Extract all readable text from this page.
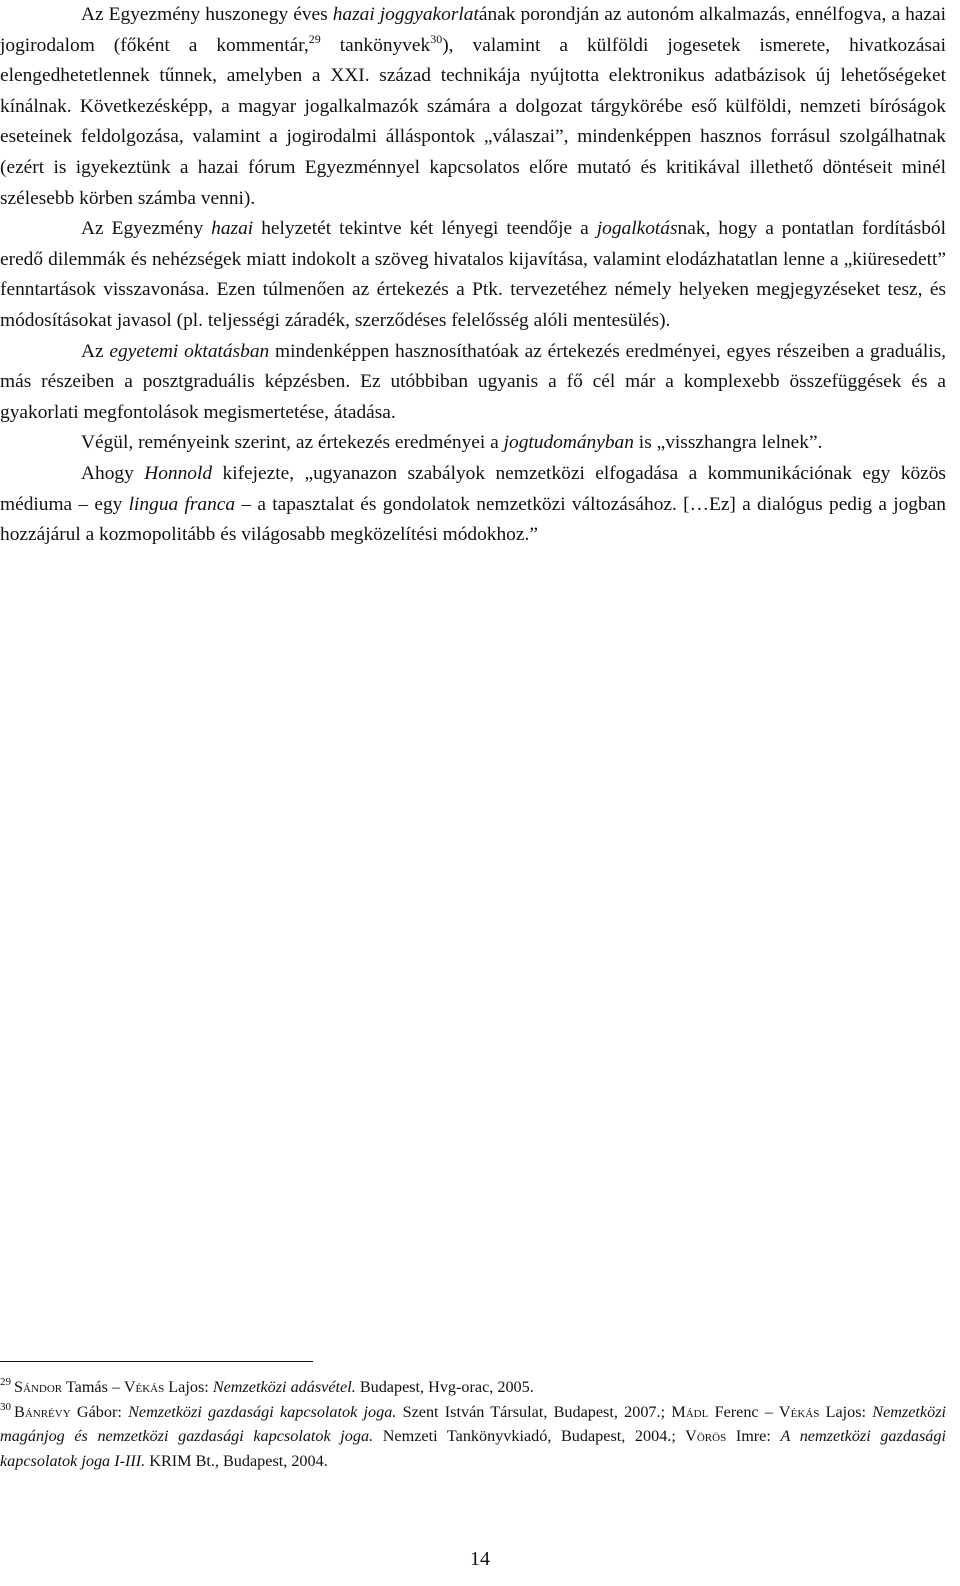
Az Egyezmény huszonegy éves hazai joggyakorlatának porondján az autonóm alkalmazás, ennélfogva, a hazai jogirodalom (főként a kommentár,$^{29}$ tankönyvek$^{30}$), valamint a külföldi jogesetek ismerete, hivatkozásai elengedhetetlennek tűnnek, amelyben a XXI. század technikája nyújtotta elektronikus adatbázisok új lehetőségeket kínálnak. Következésképp, a magyar jogalkalmazók számára a dolgozat tárgykörébe eső külföldi, nemzeti bíróságok eseteinek feldolgozása, valamint a jogirodalmi álláspontok „válaszai”, mindenképpen hasznos forrásul szolgálhatnak (ezért is igyekeztünk a hazai fórum Egyezménnyel kapcsolatos előre mutató és kritikával illethető döntéseit minél szélesebb körben számba venni).

Az Egyezmény hazai helyzetét tekintve két lényegi teendője a jogalkotásnak, hogy a pontatlan fordításból eredő dilemmák és nehézségek miatt indokolt a szöveg hivatalos kijavítása, valamint elodázhatatlan lenne a „kiüresedett” fenntartások visszavonása. Ezen túlmenően az értekezés a Ptk. tervezetéhez némely helyeken megjegyzéseket tesz, és módosításokat javasol (pl. teljességi záradék, szerződéses felelősség alóli mentesülés).

Az egyetemi oktatásban mindenképpen hasznosíthatóak az értekezés eredményei, egyes részeiben a graduális, más részeiben a posztgraduális képzésben. Ez utóbbiban ugyanis a fő cél már a komplexebb összefüggések és a gyakorlati megfontolások megismertetése, átadása.

Végül, reményeink szerint, az értekezés eredményei a jogtudományban is „visszhangra lelnek”.

Ahogy Honnold kifejezte, „ugyanazon szabályok nemzetközi elfogadása a kommunikációnak egy közös médiuma – egy lingua franca – a tapasztalat és gondolatok nemzetközi változásához. […Ez] a dialógus pedig a jogban hozzájárul a kozmopolitább és világosabb megközelítési módokhoz.”

$^{29}$ Sándor Tamás – Vékás Lajos: Nemzetközi adásvétel. Budapest, Hvg-orac, 2005.

$^{30}$ Bánrévy Gábor: Nemzetközi gazdasági kapcsolatok joga. Szent István Társulat, Budapest, 2007.; Mádl Ferenc – Vékás Lajos: Nemzetközi magánjog és nemzetközi gazdasági kapcsolatok joga. Nemzeti Tankönyvkiadó, Budapest, 2004.; Vörös Imre: A nemzetközi gazdasági kapcsolatok joga I-III. KRIM Bt., Budapest, 2004.

14
